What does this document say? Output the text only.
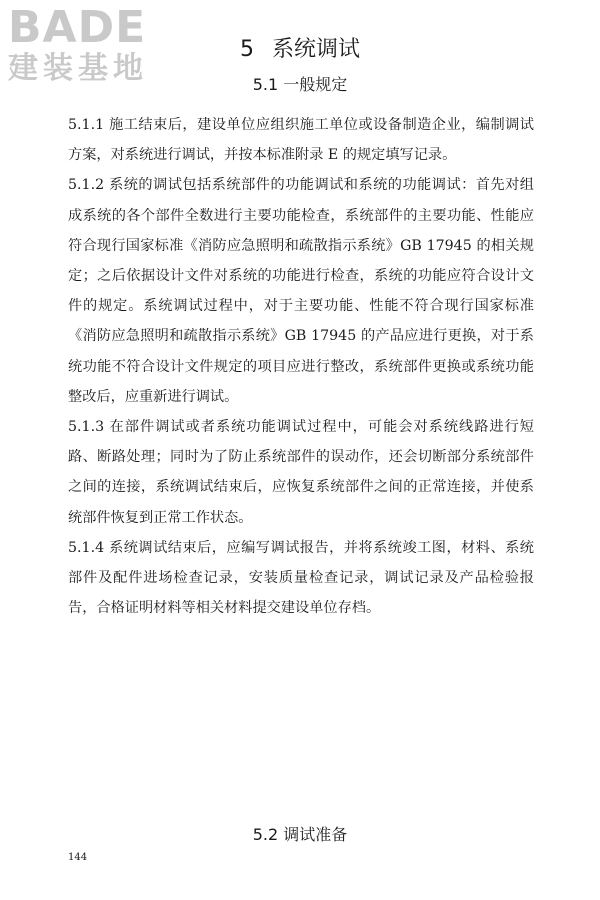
BADE
建装基地
5 系统调试
5.1 一般规定

5.1.1 施工结束后，建设单位应组织施工单位或设备制造企业，编制调试方案，对系统进行调试，并按本标准附录 E 的规定填写记录。

5.1.2 系统的调试包括系统部件的功能调试和系统的功能调试：首先对组成系统的各个部件全数进行主要功能检查，系统部件的主要功能、性能应符合现行国家标准《消防应急照明和疏散指示系统》GB 17945 的相关规定；之后依据设计文件对系统的功能进行检查，系统的功能应符合设计文件的规定。系统调试过程中，对于主要功能、性能不符合现行国家标准《消防应急照明和疏散指示系统》GB 17945 的产品应进行更换，对于系统功能不符合设计文件规定的项目应进行整改，系统部件更换或系统功能整改后，应重新进行调试。

5.1.3 在部件调试或者系统功能调试过程中，可能会对系统线路进行短路、断路处理；同时为了防止系统部件的误动作，还会切断部分系统部件之间的连接，系统调试结束后，应恢复系统部件之间的正常连接，并使系统部件恢复到正常工作状态。

5.1.4 系统调试结束后，应编写调试报告，并将系统竣工图，材料、系统部件及配件进场检查记录，安装质量检查记录，调试记录及产品检验报告，合格证明材料等相关材料提交建设单位存档。

5.2 调试准备
144
